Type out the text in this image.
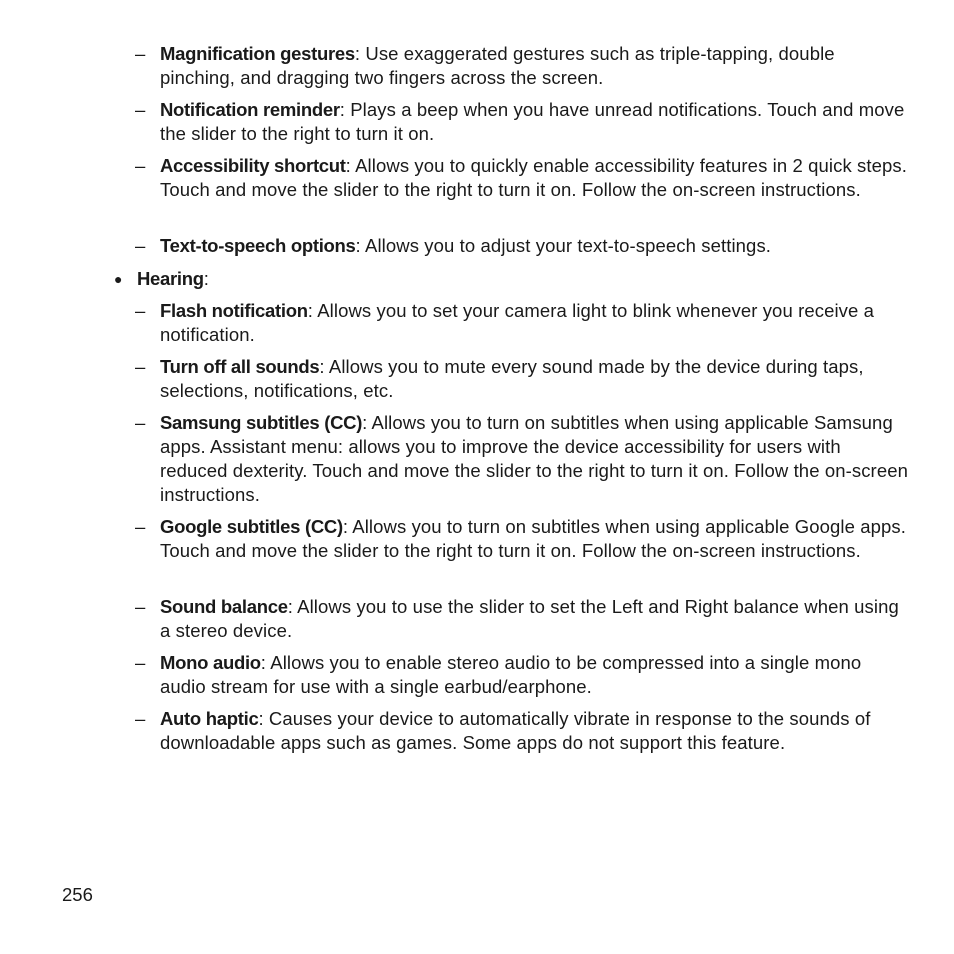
– Magnification gestures: Use exaggerated gestures such as triple-tapping, double pinching, and dragging two fingers across the screen.
– Notification reminder: Plays a beep when you have unread notifications. Touch and move the slider to the right to turn it on.
– Accessibility shortcut: Allows you to quickly enable accessibility features in 2 quick steps. Touch and move the slider to the right to turn it on. Follow the on-screen instructions.
– Text-to-speech options: Allows you to adjust your text-to-speech settings.
● Hearing:
– Flash notification: Allows you to set your camera light to blink whenever you receive a notification.
– Turn off all sounds: Allows you to mute every sound made by the device during taps, selections, notifications, etc.
– Samsung subtitles (CC): Allows you to turn on subtitles when using applicable Samsung apps. Assistant menu: allows you to improve the device accessibility for users with reduced dexterity. Touch and move the slider to the right to turn it on. Follow the on-screen instructions.
– Google subtitles (CC): Allows you to turn on subtitles when using applicable Google apps. Touch and move the slider to the right to turn it on. Follow the on-screen instructions.
– Sound balance: Allows you to use the slider to set the Left and Right balance when using a stereo device.
– Mono audio: Allows you to enable stereo audio to be compressed into a single mono audio stream for use with a single earbud/earphone.
– Auto haptic: Causes your device to automatically vibrate in response to the sounds of downloadable apps such as games. Some apps do not support this feature.
256
